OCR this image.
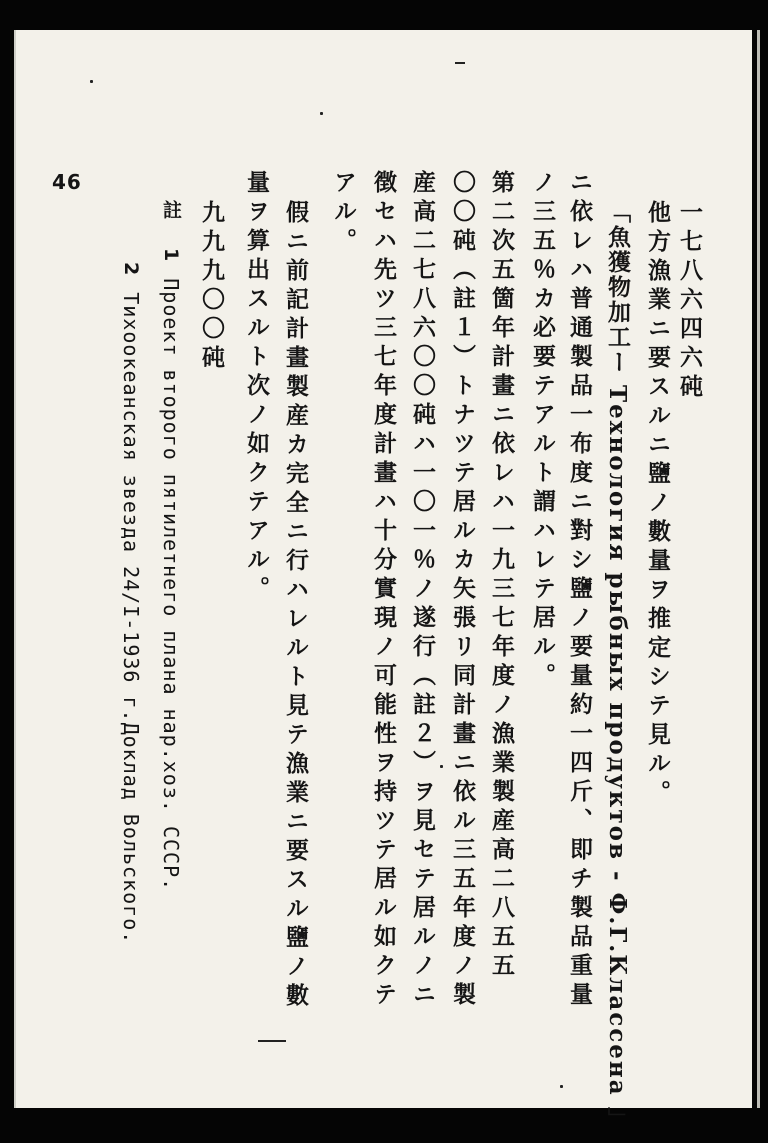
46
一七八六四六砘
他方漁業ニ要スルニ鹽ノ數量ヲ推定シテ見ル。
「魚獲物加工ー Технология рыбных продуктов - Ф.Г.Классена 」
ニ依レハ普通製品一布度ニ對シ鹽ノ要量約一四斤、即チ製品重量
ノ三五％カ必要テアルト謂ハレテ居ル。
第二次五箇年計畫ニ依レハ一九三七年度ノ漁業製産高二八五五
〇〇砘（註１）トナツテ居ルカ矢張リ同計畫ニ依ル三五年度ノ製
産高二七八六〇〇砘ハ一〇一％ノ遂行（註２）ヲ見セテ居ルノニ
徴セハ先ツ三七年度計畫ハ十分實現ノ可能性ヲ持ツテ居ル如クテ
アル。
假ニ前記計畫製産カ完全ニ行ハレルト見テ漁業ニ要スル鹽ノ數
量ヲ算出スルト次ノ如クテアル。
九九九〇〇砘
註1Проект второго пятилетнего плана нар.хоз. СССР.
2Тихоокеанская звезда 24/I-1936 г.Доклад Вольского.
